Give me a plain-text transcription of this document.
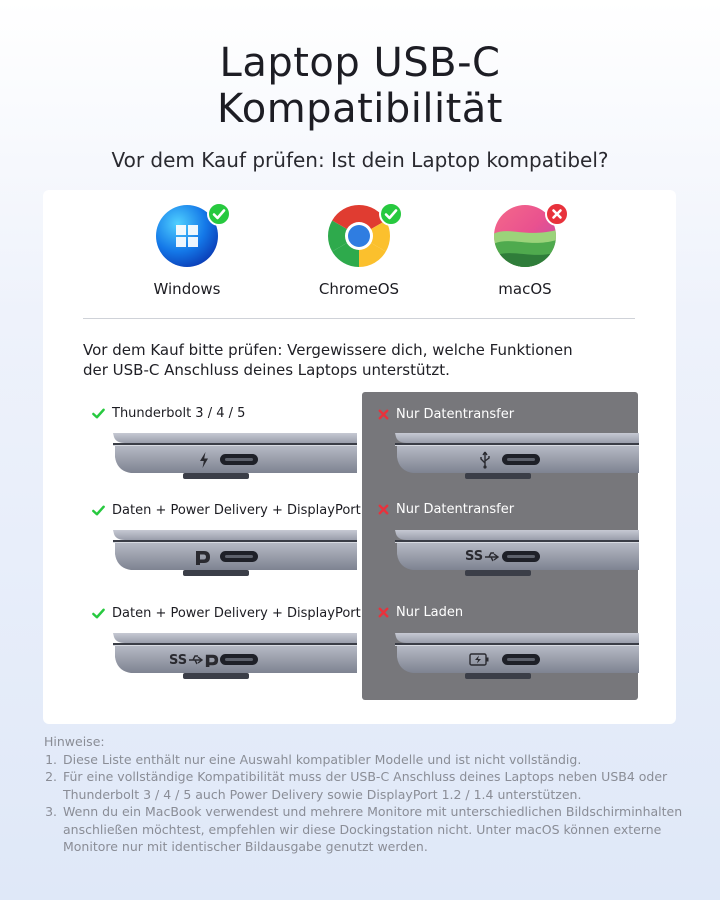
Laptop USB-C
Kompatibilität
Vor dem Kauf prüfen: Ist dein Laptop kompatibel?
Windows	ChromeOS	macOS
Vor dem Kauf bitte prüfen: Vergewissere dich, welche Funktionen
der USB-C Anschluss deines Laptops unterstützt.
Thunderbolt 3 / 4 / 5
Daten + Power Delivery + DisplayPort
Daten + Power Delivery + DisplayPort
SS
Nur Datentransfer
Nur Datentransfer
SS
Nur Laden
Hinweise:
1. Diese Liste enthält nur eine Auswahl kompatibler Modelle und ist nicht vollständig.
2. Für eine vollständige Kompatibilität muss der USB-C Anschluss deines Laptops neben USB4 oder Thunderbolt 3 / 4 / 5 auch Power Delivery sowie DisplayPort 1.2 / 1.4 unterstützen.
3. Wenn du ein MacBook verwendest und mehrere Monitore mit unterschiedlichen Bildschirminhalten anschließen möchtest, empfehlen wir diese Dockingstation nicht. Unter macOS können externe Monitore nur mit identischer Bildausgabe genutzt werden.
